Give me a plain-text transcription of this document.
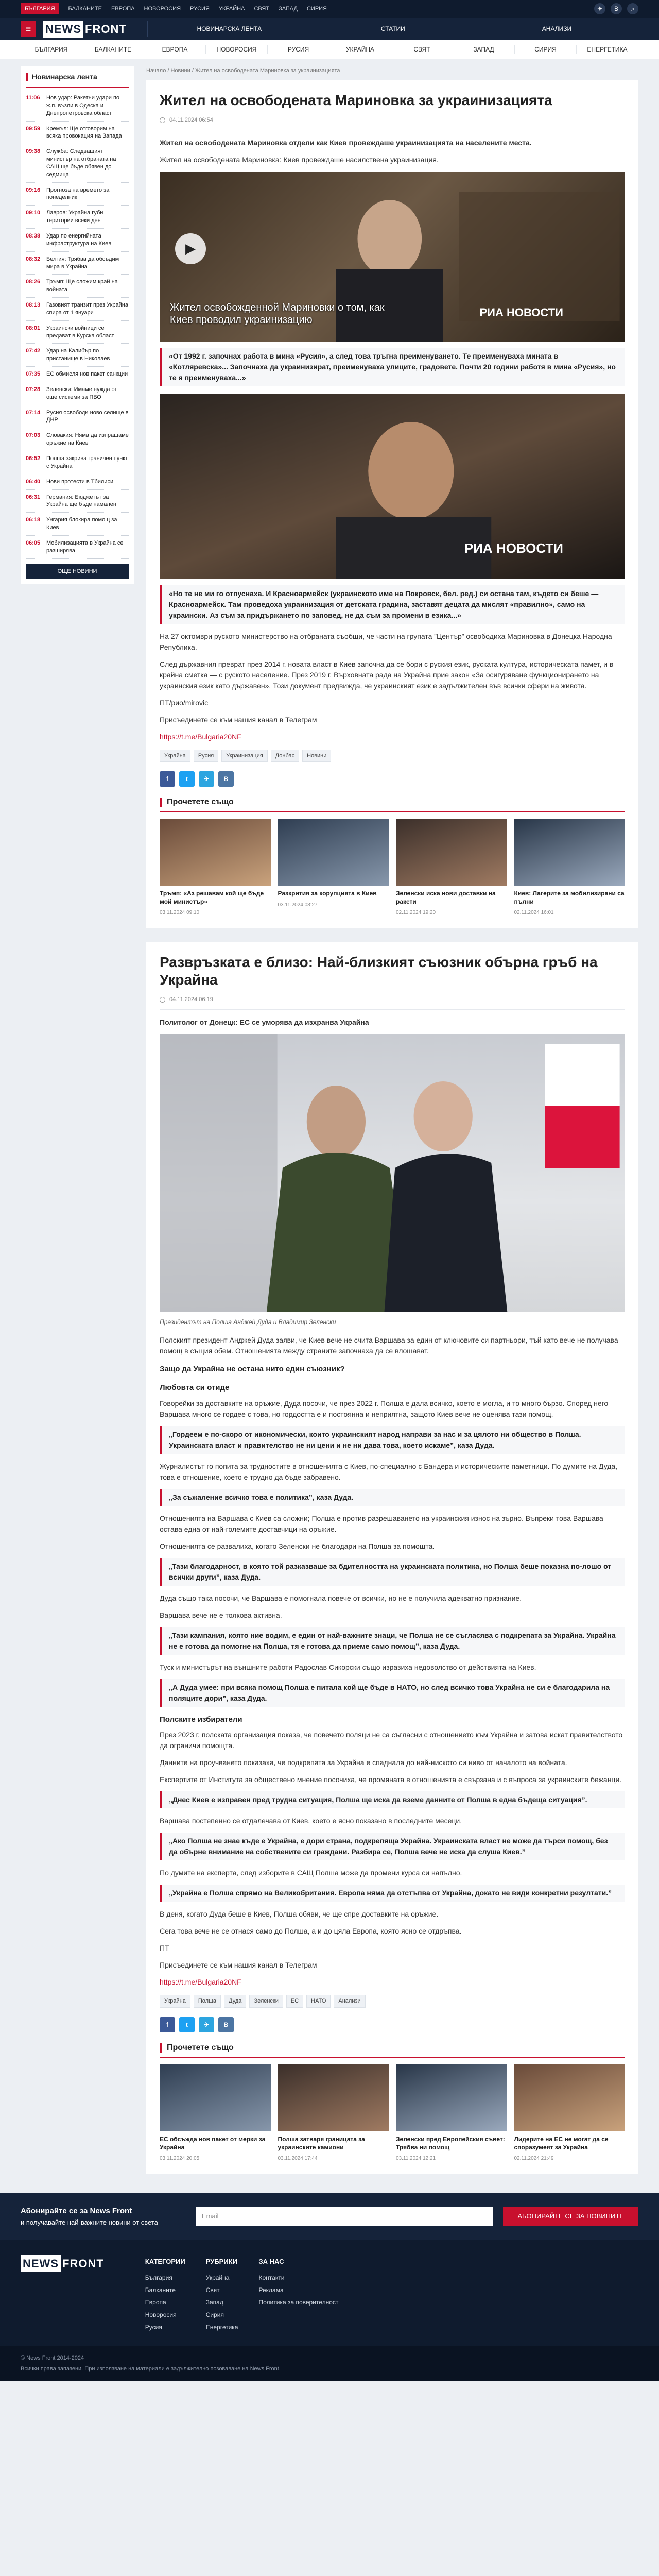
БЪЛГАРИЯ	БАЛКАНИТЕ ЕВРОПА НОВОРОСИЯ РУСИЯ УКРАЙНА СВЯТ ЗАПАД СИРИЯ	✈	B	⌕
≡	NEWS FRONT	НОВИНАРСКА ЛЕНТА	СТАТИИ	АНАЛИЗИ
БЪЛГАРИЯ	БАЛКАНИТЕ	ЕВРОПА	НОВОРОСИЯ	РУСИЯ	УКРАЙНА	СВЯТ	ЗАПАД	СИРИЯ	ЕНЕРГЕТИКА
Новинарска лента
11:06	Нов удар: Ракетни удари по ж.п. възли в Одеска и Днепропетровска област
09:59	Кремъл: Ще отговорим на всяка провокация на Запада
09:38	Служба: Следващият министър на отбраната на САЩ ще бъде обявен до седмица
09:16	Прогноза на времето за понеделник
09:10	Лавров: Украйна губи територии всеки ден
08:38	Удар по енергийната инфраструктура на Киев
08:32	Белгия: Трябва да обсъдим мира в Украйна
08:26	Тръмп: Ще сложим край на войната
08:13	Газовият транзит през Украйна спира от 1 януари
08:01	Украински войници се предават в Курска област
07:42	Удар на Калибър по пристанище в Николаев
07:35	ЕС обмисля нов пакет санкции
07:28	Зеленски: Имаме нужда от още системи за ПВО
07:14	Русия освободи ново селище в ДНР
07:03	Словакия: Няма да изпращаме оръжие на Киев
06:52	Полша закрива граничен пункт с Украйна
06:40	Нови протести в Тбилиси
06:31	Германия: Бюджетът за Украйна ще бъде намален
06:18	Унгария блокира помощ за Киев
06:05	Мобилизацията в Украйна се разширява
ОЩЕ НОВИНИ
Начало / Новини / Жител на освободената Мариновка за украинизацията
Жител на освободената Мариновка за украинизацията
04.11.2024 06:54

Жител на освободената Мариновка отдели как Киев провеждаше украинизацията на населените места.

Жител на освободената Мариновка: Киев провеждаше насилствена украинизация.

▶
Жител освобожденной Мариновки о том, как Киев проводил украинизацию
РИА НОВОСТИ
«От 1992 г. започнах работа в мина «Русия», а след това тръгна преименуването. Те преименуваха мината в «Котляревска»... Започнаха да украинизират, преименуваха улиците, градовете. Почти 20 години работя в мина «Русия», но те я преименуваха...»
РИА НОВОСТИ
«Но те не ми го отпуснаха. И Красноармейск (украинското име на Покровск, бел. ред.) си остана там, където си беше — Красноармейск. Там проведоха украинизация от детската градина, заставят децата да мислят «правилно», само на украински. Аз съм за придържането по заповед, не да съм за промени в езика...»

На 27 октомври руското министерство на отбраната съобщи, че части на групата ”Център” освободиха Мариновка в Донецка Народна Република.

След държавния преврат през 2014 г. новата власт в Киев започна да се бори с руския език, руската култура, историческата памет, и в крайна сметка — с руското население. През 2019 г. Върховната рада на Украйна прие закон «За осигуряване функционирането на украинския език като държавен». Този документ предвижда, че украинският език е задължителен във всички сфери на живота.

ПТ/рио/mirovic

Присъединете се към нашия канал в Телеграм

https://t.me/Bulgaria20NF

Украйна	Русия	Украинизация	Донбас	Новини
f	t	✈	B
Прочетете също
Тръмп: «Аз решавам кой ще бъде мой министър»
03.11.2024 09:10
Разкрития за корупцията в Киев
03.11.2024 08:27
Зеленски иска нови доставки на ракети
02.11.2024 19:20
Киев: Лагерите за мобилизирани са пълни
02.11.2024 16:01
Развръзката е близо: Най-близкият съюзник обърна гръб на Украйна
04.11.2024 06:19

Политолог от Донецк: ЕС се уморява да изхранва Украйна

Президентът на Полша Анджей Дуда и Владимир Зеленски

Полският президент Анджей Дуда заяви, че Киев вече не счита Варшава за един от ключовите си партньори, тъй като вече не получава помощ в същия обем. Отношенията между страните започнаха да се влошават.

Защо да Украйна не остана нито един съюзник?
Любовта си отиде

Говорейки за доставките на оръжие, Дуда посочи, че през 2022 г. Полша е дала всичко, което е могла, и то много бързо. Според него Варшава много се гордее с това, но гордостта е и постоянна и неприятна, защото Киев вече не оценява тази помощ.

„Гордеем е по-скоро от икономически, които украинският народ направи за нас и за цялото ни общество в Полша. Украинската власт и правителство не ни цени и не ни дава това, което искаме”, каза Дуда.

Журналистът го попита за трудностите в отношенията с Киев, по-специално с Бандера и историческите паметници. По думите на Дуда, това е отношение, което е трудно да бъде забравено.

„За съжаление всичко това е политика”, каза Дуда.

Отношенията на Варшава с Киев са сложни; Полша е против разрешаването на украинския износ на зърно. Въпреки това Варшава остава една от най-големите доставчици на оръжие.

Отношенията се развалиха, когато Зеленски не благодари на Полша за помощта.

„Тази благодарност, в която той разказваше за бдителността на украинската политика, но Полша беше показна по-лошо от всички други”, каза Дуда.

Дуда също така посочи, че Варшава е помогнала повече от всички, но не е получила адекватно признание.

Варшава вече не е толкова активна.

„Тази кампания, която ние водим, е един от най-важните знаци, че Полша не се съгласява с подкрепата за Украйна. Украйна не е готова да помогне на Полша, тя е готова да приеме само помощ”, каза Дуда.

Туск и министърът на външните работи Радослав Сикорски също изразиха недоволство от действията на Киев.

„А Дуда умее: при всяка помощ Полша е питала кой ще бъде в НАТО, но след всичко това Украйна не си е благодарила на поляците дори”, каза Дуда.
Полските избиратели

През 2023 г. полската организация показа, че повечето поляци не са съгласни с отношението към Украйна и затова искат правителството да ограничи помощта.

Данните на проучването показаха, че подкрепата за Украйна е спаднала до най-ниското си ниво от началото на войната.

Експертите от Института за обществено мнение посочиха, че промяната в отношенията е свързана и с въпроса за украинските бежанци.

„Днес Киев е изправен пред трудна ситуация, Полша ще иска да вземе данните от Полша в една бъдеща ситуация”.

Варшава постепенно се отдалечава от Киев, което е ясно показано в последните месеци.

„Ако Полша не знае къде е Украйна, е дори страна, подкрепяща Украйна. Украинската власт не може да търси помощ, без да обърне внимание на собствените си граждани. Разбира се, Полша вече не иска да слуша Киев.”

По думите на експерта, след изборите в САЩ Полша може да промени курса си напълно.

„Украйна е Полша спрямо на Великобритания. Европа няма да отстъпва от Украйна, докато не види конкретни резултати.”

В деня, когато Дуда беше в Киев, Полша обяви, че ще спре доставките на оръжие.

Сега това вече не се отнася само до Полша, а и до цяла Европа, която ясно се отдръпва.

ПТ

Присъединете се към нашия канал в Телеграм

https://t.me/Bulgaria20NF

Украйна	Полша	Дуда	Зеленски	ЕС	НАТО	Анализи
f	t	✈	B
Прочетете също
ЕС обсъжда нов пакет от мерки за Украйна
03.11.2024 20:05
Полша затваря границата за украинските камиони
03.11.2024 17:44
Зеленски пред Европейския съвет: Трябва ни помощ
03.11.2024 12:21
Лидерите на ЕС не могат да се споразумеят за Украйна
02.11.2024 21:49
Абонирайте се за News Front
и получавайте най-важните новини от света
Email	АБОНИРАЙТЕ СЕ ЗА НОВИНИТЕ
NEWS FRONT	КАТЕГОРИИ
България
Балканите
Европа
Новоросия
Русия
РУБРИКИ
Украйна
Свят
Запад
Сирия
Енергетика
ЗА НАС
Контакти
Реклама
Политика за поверителност
© News Front 2014-2024
Всички права запазени. При използване на материали е задължително позоваване на News Front.
